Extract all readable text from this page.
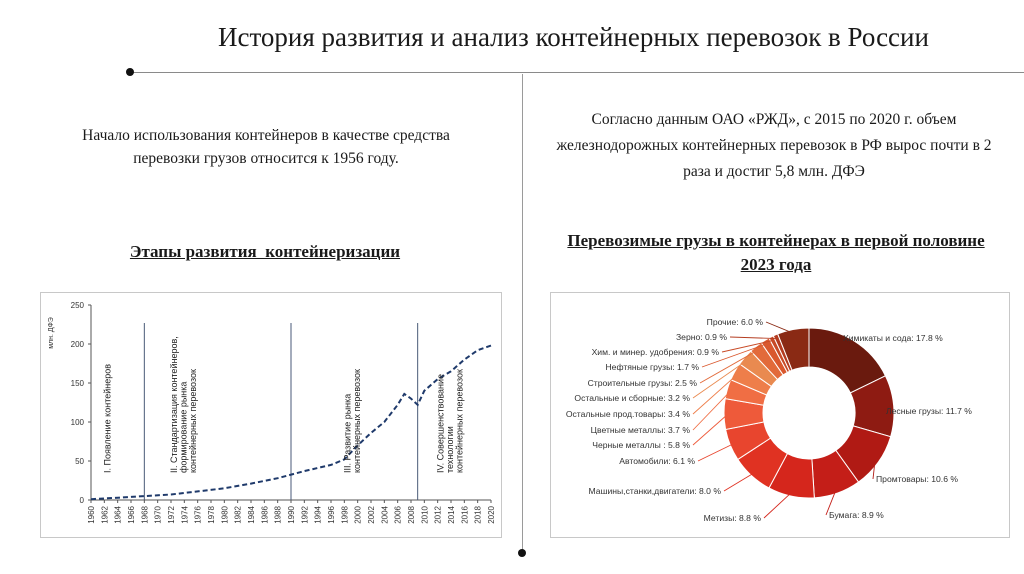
История развития и анализ контейнерных перевозок в России
Начало использования контейнеров в качестве средства перевозки грузов относится к 1956 году.
Согласно данным ОАО «РЖД», с 2015 по 2020 г. объем железнодорожных контейнерных перевозок в РФ вырос почти в 2 раза и достиг 5,8 млн. ДФЭ
Этапы развития  контейнеризации
Перевозимые грузы в контейнерах в первой половине 2023 года
0
50
100
150
200
250
млн. ДФЭ
1960 1962 1964 1966 1968 1970 1972 1974 1976 1978 1980 1982 1984 1986 1988 1990 1992 1994 1996 1998 2000 2002 2004 2006 2008 2010 2012 2014 2016 2018 2020
I. Появление контейнеров	II. Стандартизация контейнеров,формирование рынкаконтейнерных перевозок	III. Развитие рынкаконтейнерных перевозок	IV. Совершенствованиетехнологииконтейнерных перевозок
Химикаты и сода: 17.8 %
Лесные грузы: 11.7 %
Промтовары: 10.6 %
Бумага: 8.9 %
Метизы: 8.8 %
Машины,станки,двигатели: 8.0 %
Автомобили: 6.1 %
Черные металлы : 5.8 %
Цветные металлы: 3.7 %
Остальные прод.товары: 3.4 %
Остальные и сборные: 3.2 %
Строительные грузы: 2.5 %
Нефтяные грузы: 1.7 %
Хим. и минер. удобрения: 0.9 %
Зерно: 0.9 %
Прочие: 6.0 %
